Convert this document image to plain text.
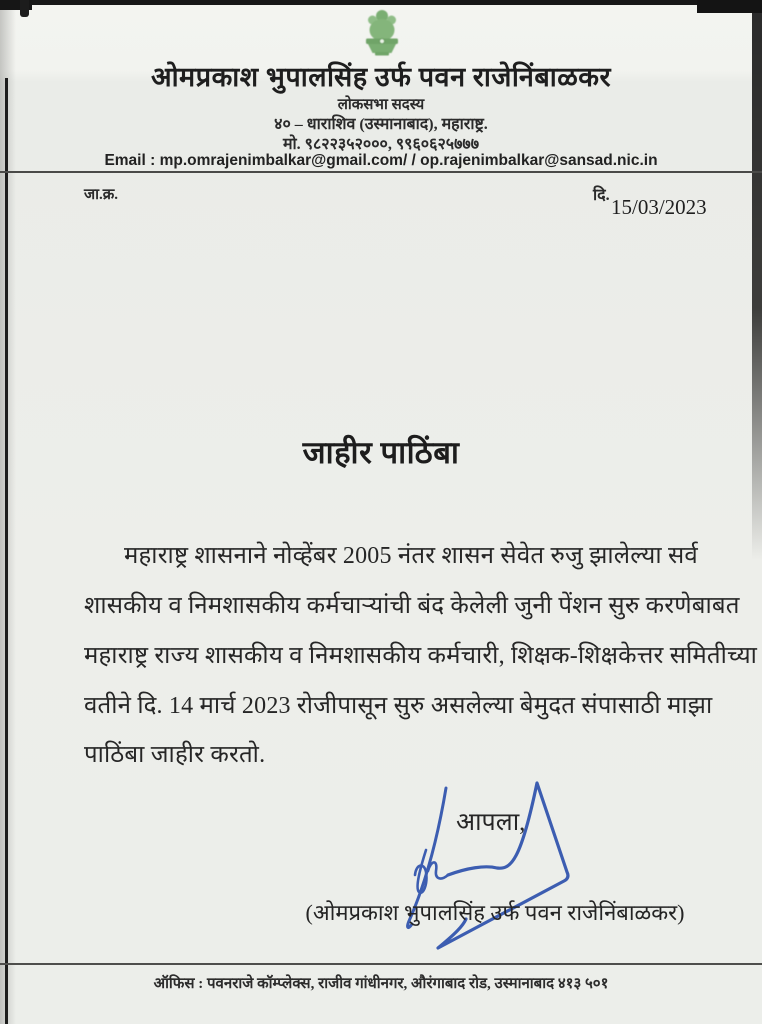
ओमप्रकाश भुपालसिंह उर्फ पवन राजेनिंबाळकर
लोकसभा सदस्य
४० – धाराशिव (उस्मानाबाद), महाराष्ट्र.
मो. ९८२२३५२०००, ९९६०६२५७७७
Email : mp.omrajenimbalkar@gmail.com/ / op.rajenimbalkar@sansad.nic.in
जा.क्र.	दि. 15/03/2023
जाहीर पाठिंबा
महाराष्ट्र शासनाने नोव्हेंबर 2005 नंतर शासन सेवेत रुजु झालेल्या सर्व
शासकीय व निमशासकीय कर्मचाऱ्यांची बंद केलेली जुनी पेंशन सुरु करणेबाबत
महाराष्ट्र राज्य शासकीय व निमशासकीय कर्मचारी, शिक्षक-शिक्षकेत्तर समितीच्या
वतीने दि. 14 मार्च 2023 रोजीपासून सुरु असलेल्या बेमुदत संपासाठी माझा
पाठिंबा जाहीर करतो.
आपला,
(ओमप्रकाश भुपालसिंह उर्फ पवन राजेनिंबाळकर)
ऑफिस : पवनराजे कॉम्प्लेक्स, राजीव गांधीनगर, औरंगाबाद रोड, उस्मानाबाद ४१३ ५०१
